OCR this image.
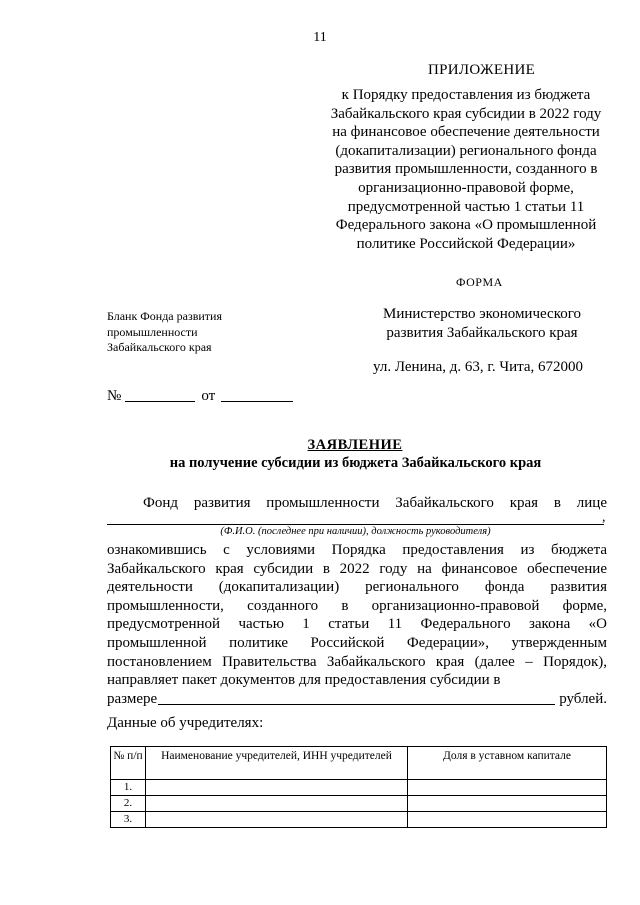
11
ПРИЛОЖЕНИЕ
к Порядку предоставления из бюджета Забайкальского края субсидии в 2022 году на финансовое обеспечение деятельности (докапитализации) регионального фонда развития промышленности, созданного в организационно-правовой форме, предусмотренной частью 1 статьи 11 Федерального закона «О промышленной политике Российской Федерации»
ФОРМА
Бланк Фонда развития
промышленности
Забайкальского края
Министерство экономического
развития Забайкальского края
ул. Ленина, д. 63, г. Чита, 672000
№	от
ЗАЯВЛЕНИЕ
на получение субсидии из бюджета Забайкальского края
Фонд развития промышленности Забайкальского края в лице
,
(Ф.И.О. (последнее при наличии), должность руководителя)
ознакомившись с условиями Порядка предоставления из бюджета Забайкальского края субсидии в 2022 году на финансовое обеспечение деятельности (докапитализации) регионального фонда развития промышленности, созданного в организационно-правовой форме, предусмотренной частью 1 статьи 11 Федерального закона «О промышленной политике Российской Федерации», утвержденным постановлением Правительства Забайкальского края (далее – Порядок), направляет пакет документов для предоставления субсидии в
размере	рублей.
Данные об учредителях:
№ п/п	Наименование учредителей, ИНН учредителей	Доля в уставном капитале
1.		
2.		
3.		
